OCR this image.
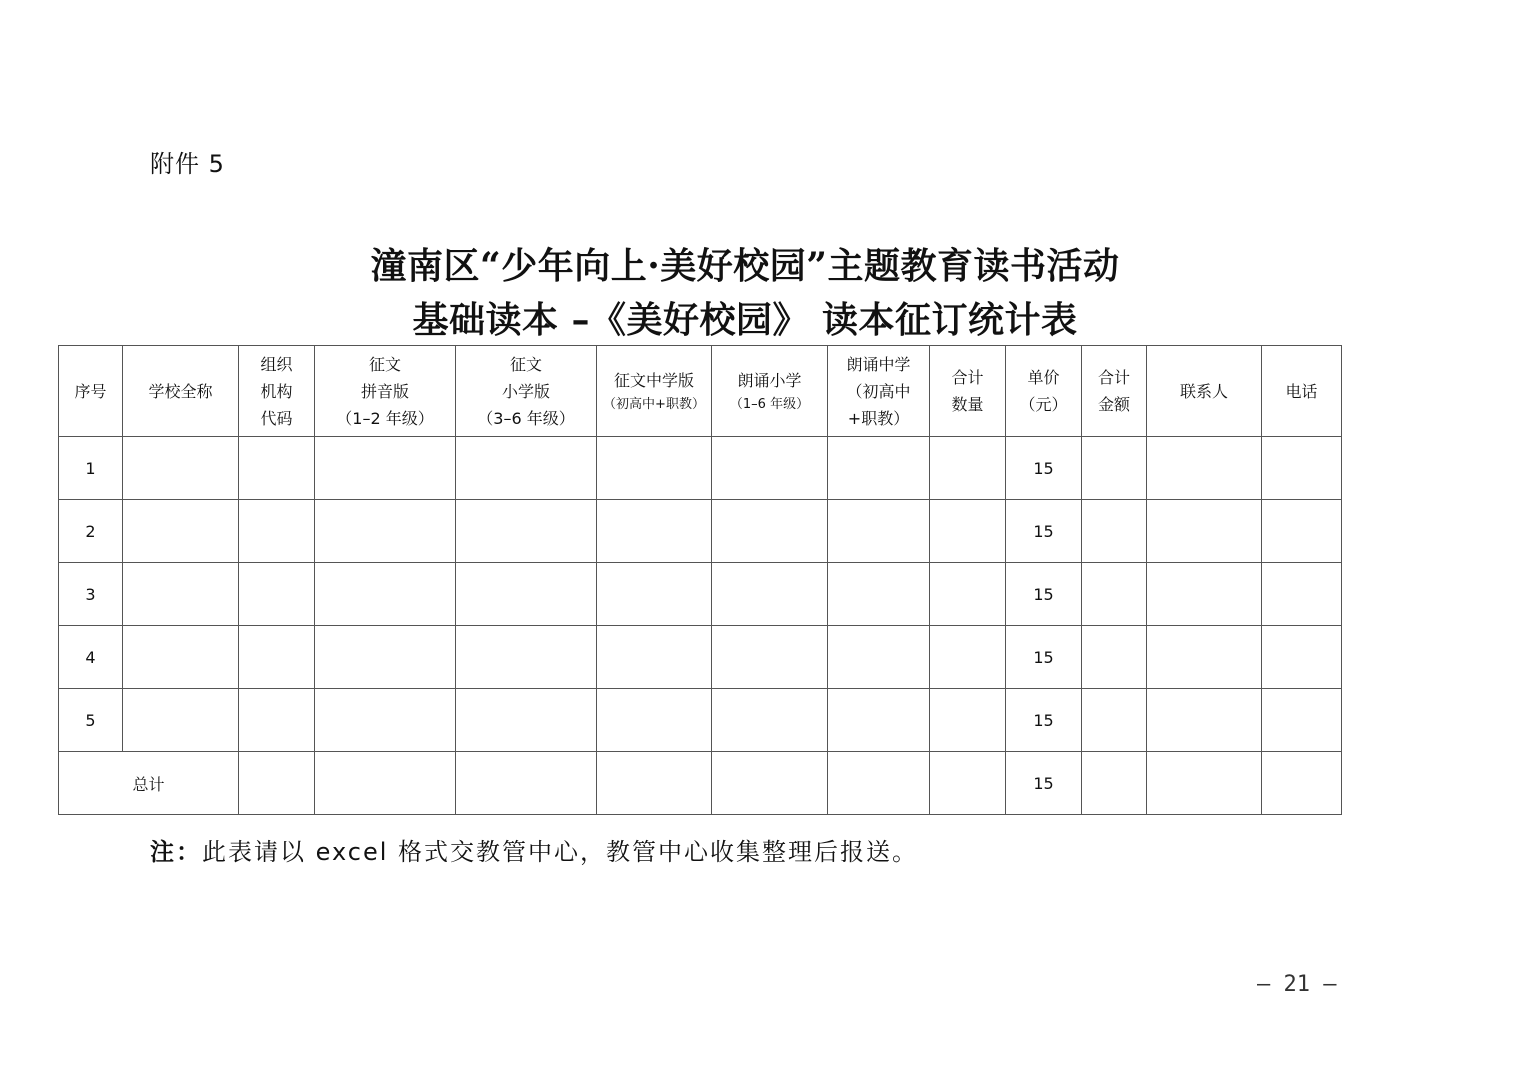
附件 5
潼南区“少年向上·美好校园”主题教育读书活动
基础读本 –《美好校园》 读本征订统计表
序号	学校全称	组织
机构
代码	征文
拼音版
（1–2 年级）	征文
小学版
（3–6 年级）	征文中学版
（初高中+职教）	朗诵小学
（1–6 年级）	朗诵中学
（初高中
+职教）	合计
数量	单价
（元）	合计
金额	联系人	电话

1									15			
2									15			
3									15			
4									15			
5									15			
总计									15			
注：此表请以 excel 格式交教管中心，教管中心收集整理后报送。
– 21 –
